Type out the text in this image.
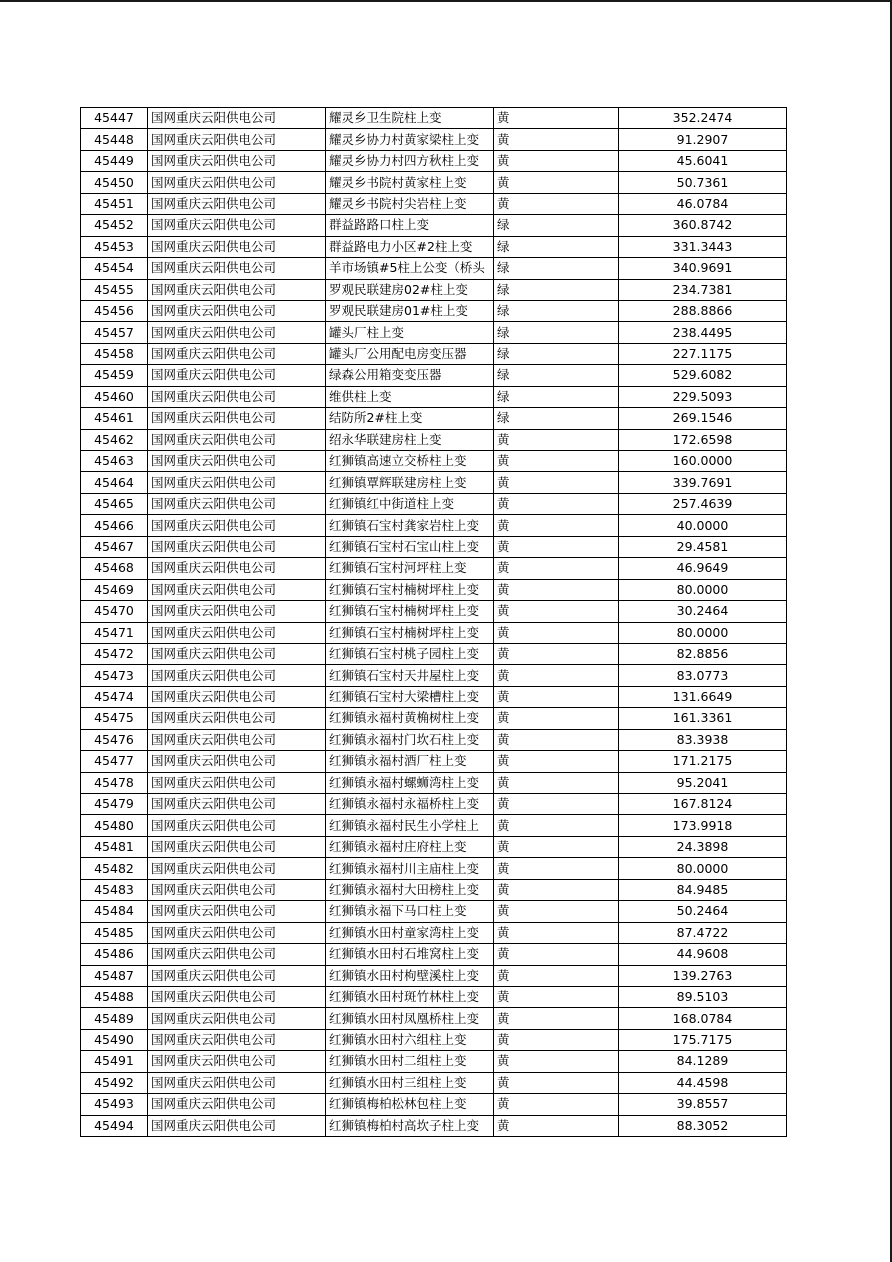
45447	国网重庆云阳供电公司	耀灵乡卫生院柱上变	黄	352.2474
45448	国网重庆云阳供电公司	耀灵乡协力村黄家梁柱上变	黄	91.2907
45449	国网重庆云阳供电公司	耀灵乡协力村四方秋柱上变	黄	45.6041
45450	国网重庆云阳供电公司	耀灵乡书院村黄家柱上变	黄	50.7361
45451	国网重庆云阳供电公司	耀灵乡书院村尖岩柱上变	黄	46.0784
45452	国网重庆云阳供电公司	群益路路口柱上变	绿	360.8742
45453	国网重庆云阳供电公司	群益路电力小区#2柱上变	绿	331.3443
45454	国网重庆云阳供电公司	羊市场镇#5柱上公变（桥头	绿	340.9691
45455	国网重庆云阳供电公司	罗观民联建房02#柱上变	绿	234.7381
45456	国网重庆云阳供电公司	罗观民联建房01#柱上变	绿	288.8866
45457	国网重庆云阳供电公司	罐头厂柱上变	绿	238.4495
45458	国网重庆云阳供电公司	罐头厂公用配电房变压器	绿	227.1175
45459	国网重庆云阳供电公司	绿森公用箱变变压器	绿	529.6082
45460	国网重庆云阳供电公司	维供柱上变	绿	229.5093
45461	国网重庆云阳供电公司	结防所2#柱上变	绿	269.1546
45462	国网重庆云阳供电公司	绍永华联建房柱上变	黄	172.6598
45463	国网重庆云阳供电公司	红狮镇高速立交桥柱上变	黄	160.0000
45464	国网重庆云阳供电公司	红狮镇覃辉联建房柱上变	黄	339.7691
45465	国网重庆云阳供电公司	红狮镇红中街道柱上变	黄	257.4639
45466	国网重庆云阳供电公司	红狮镇石宝村龚家岩柱上变	黄	40.0000
45467	国网重庆云阳供电公司	红狮镇石宝村石宝山柱上变	黄	29.4581
45468	国网重庆云阳供电公司	红狮镇石宝村河坪柱上变	黄	46.9649
45469	国网重庆云阳供电公司	红狮镇石宝村楠树坪柱上变	黄	80.0000
45470	国网重庆云阳供电公司	红狮镇石宝村楠树坪柱上变	黄	30.2464
45471	国网重庆云阳供电公司	红狮镇石宝村楠树坪柱上变	黄	80.0000
45472	国网重庆云阳供电公司	红狮镇石宝村桃子园柱上变	黄	82.8856
45473	国网重庆云阳供电公司	红狮镇石宝村天井屋柱上变	黄	83.0773
45474	国网重庆云阳供电公司	红狮镇石宝村大梁槽柱上变	黄	131.6649
45475	国网重庆云阳供电公司	红狮镇永福村黄桷树柱上变	黄	161.3361
45476	国网重庆云阳供电公司	红狮镇永福村门坎石柱上变	黄	83.3938
45477	国网重庆云阳供电公司	红狮镇永福村酒厂柱上变	黄	171.2175
45478	国网重庆云阳供电公司	红狮镇永福村螺蛳湾柱上变	黄	95.2041
45479	国网重庆云阳供电公司	红狮镇永福村永福桥柱上变	黄	167.8124
45480	国网重庆云阳供电公司	红狮镇永福村民生小学柱上	黄	173.9918
45481	国网重庆云阳供电公司	红狮镇永福村庄府柱上变	黄	24.3898
45482	国网重庆云阳供电公司	红狮镇永福村川主庙柱上变	黄	80.0000
45483	国网重庆云阳供电公司	红狮镇永福村大田榜柱上变	黄	84.9485
45484	国网重庆云阳供电公司	红狮镇永福下马口柱上变	黄	50.2464
45485	国网重庆云阳供电公司	红狮镇水田村童家湾柱上变	黄	87.4722
45486	国网重庆云阳供电公司	红狮镇水田村石堆窝柱上变	黄	44.9608
45487	国网重庆云阳供电公司	红狮镇水田村枸壁溪柱上变	黄	139.2763
45488	国网重庆云阳供电公司	红狮镇水田村斑竹林柱上变	黄	89.5103
45489	国网重庆云阳供电公司	红狮镇水田村凤凰桥柱上变	黄	168.0784
45490	国网重庆云阳供电公司	红狮镇水田村六组柱上变	黄	175.7175
45491	国网重庆云阳供电公司	红狮镇水田村二组柱上变	黄	84.1289
45492	国网重庆云阳供电公司	红狮镇水田村三组柱上变	黄	44.4598
45493	国网重庆云阳供电公司	红狮镇梅柏松林包柱上变	黄	39.8557
45494	国网重庆云阳供电公司	红狮镇梅柏村高坎子柱上变	黄	88.3052
